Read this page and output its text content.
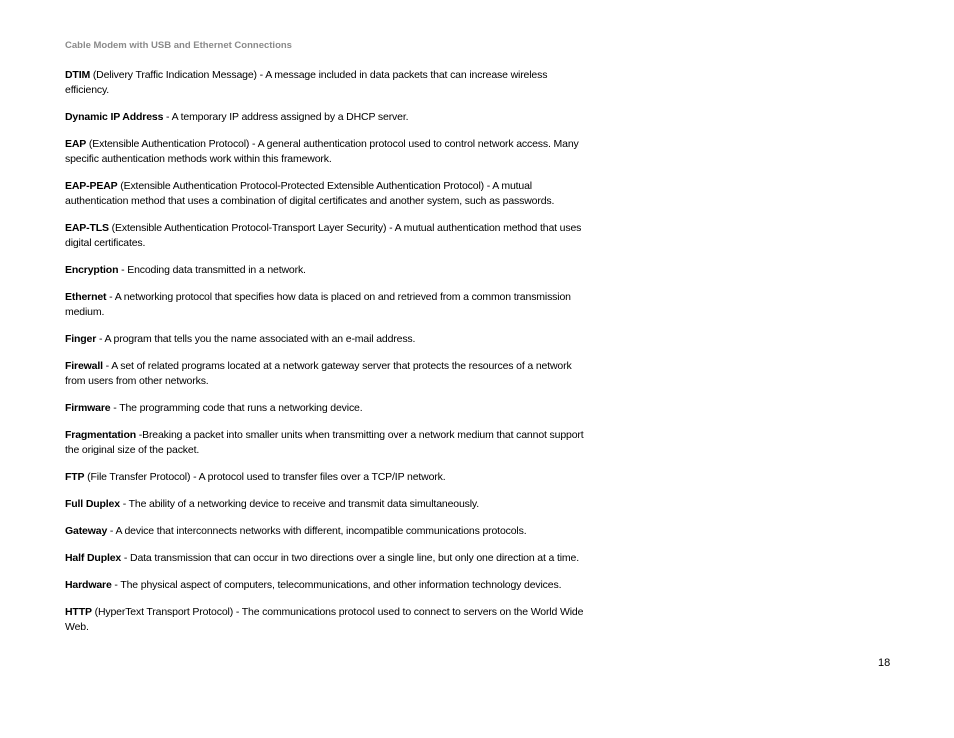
Cable Modem with USB and Ethernet Connections

DTIM (Delivery Traffic Indication Message) - A message included in data packets that can increase wireless efficiency.

Dynamic IP Address - A temporary IP address assigned by a DHCP server.

EAP (Extensible Authentication Protocol) - A general authentication protocol used to control network access. Many specific authentication methods work within this framework.

EAP-PEAP (Extensible Authentication Protocol-Protected Extensible Authentication Protocol) - A mutual authentication method that uses a combination of digital certificates and another system, such as passwords.

EAP-TLS (Extensible Authentication Protocol-Transport Layer Security) - A mutual authentication method that uses digital certificates.

Encryption - Encoding data transmitted in a network.

Ethernet - A networking protocol that specifies how data is placed on and retrieved from a common transmission medium.

Finger - A program that tells you the name associated with an e-mail address.

Firewall - A set of related programs located at a network gateway server that protects the resources of a network from users from other networks.

Firmware - The programming code that runs a networking device.

Fragmentation -Breaking a packet into smaller units when transmitting over a network medium that cannot support the original size of the packet.

FTP (File Transfer Protocol) - A protocol used to transfer files over a TCP/IP network.

Full Duplex - The ability of a networking device to receive and transmit data simultaneously.

Gateway - A device that interconnects networks with different, incompatible communications protocols.

Half Duplex - Data transmission that can occur in two directions over a single line, but only one direction at a time.

Hardware - The physical aspect of computers, telecommunications, and other information technology devices.

HTTP (HyperText Transport Protocol) - The communications protocol used to connect to servers on the World Wide Web.

18
